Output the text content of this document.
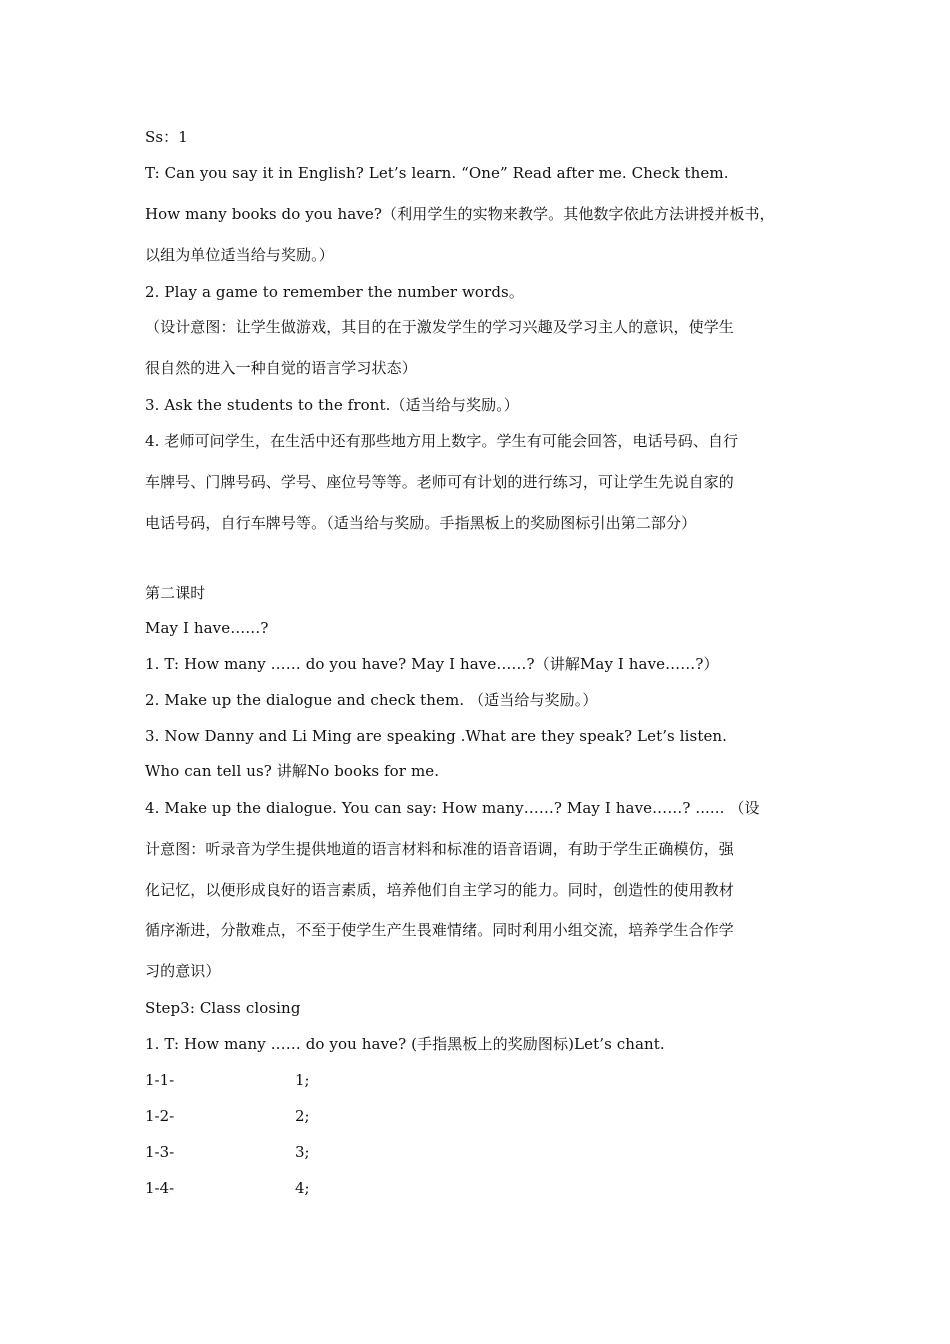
Ss：1
T: Can you say it in English? Let’s learn. “One” Read after me. Check them.
How many books do you have?（利用学生的实物来教学。其他数字依此方法讲授并板书，
以组为单位适当给与奖励。）
2. Play a game to remember the number words。
（设计意图：让学生做游戏，其目的在于激发学生的学习兴趣及学习主人的意识，使学生
很自然的进入一种自觉的语言学习状态）
3. Ask the students to the front.（适当给与奖励。）
4. 老师可问学生，在生活中还有那些地方用上数字。学生有可能会回答，电话号码、自行
车牌号、门牌号码、学号、座位号等等。老师可有计划的进行练习，可让学生先说自家的
电话号码，自行车牌号等。（适当给与奖励。手指黑板上的奖励图标引出第二部分）
第二课时
May I have……?
1. T: How many …… do you have? May I have……?（讲解May I have……?）
2. Make up the dialogue and check them. （适当给与奖励。）
3. Now Danny and Li Ming are speaking .What are they speak? Let’s listen.
Who can tell us? 讲解No books for me.
4. Make up the dialogue. You can say: How many……? May I have……? ...... （设
计意图：听录音为学生提供地道的语言材料和标准的语音语调，有助于学生正确模仿，强
化记忆，以便形成良好的语言素质，培养他们自主学习的能力。同时，创造性的使用教材
循序渐进，分散难点，不至于使学生产生畏难情绪。同时利用小组交流，培养学生合作学
习的意识）
Step3: Class closing
1. T: How many …… do you have? (手指黑板上的奖励图标)Let’s chant.
1-1-	1;
1-2-	2;
1-3-	3;
1-4-	4;
